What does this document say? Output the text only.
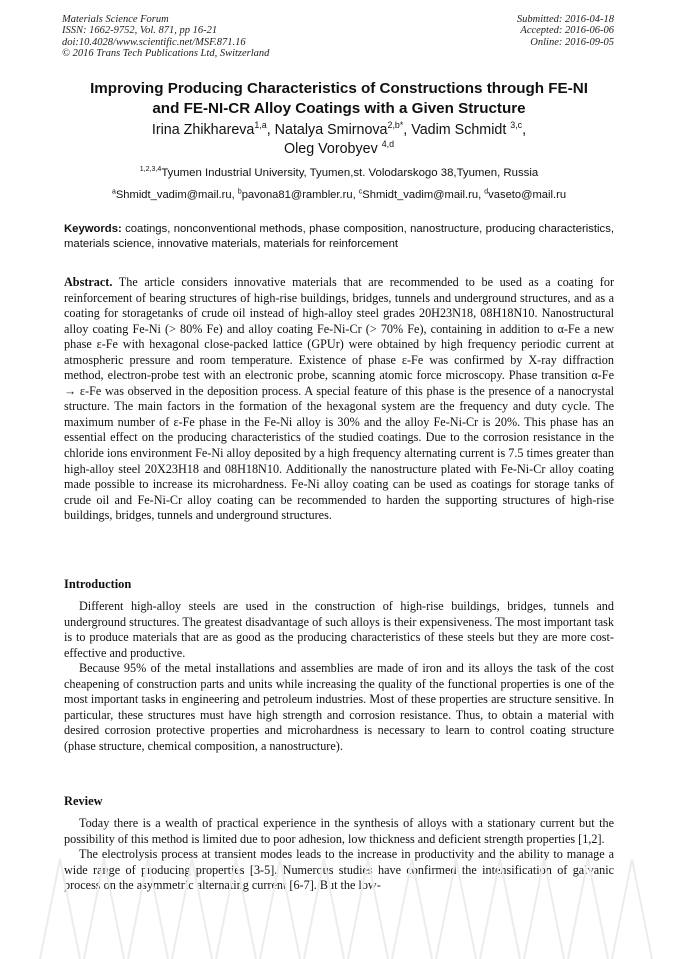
Materials Science Forum
ISSN: 1662-9752, Vol. 871, pp 16-21
doi:10.4028/www.scientific.net/MSF.871.16
© 2016 Trans Tech Publications Ltd, Switzerland
Submitted: 2016-04-18
Accepted: 2016-06-06
Online: 2016-09-05
Improving Producing Characteristics of Constructions through FE-NI
and FE-NI-CR Alloy Coatings with a Given Structure
Irina Zhikhareva$^{1,a}$, Natalya Smirnova$^{2,b*}$, Vadim Schmidt $^{3,c}$,
Oleg Vorobyev $^{4,d}$
$^{1,2,3,4}$Tyumen Industrial University, Tyumen,st. Volodarskogo 38,Tyumen, Russia
$^a$Shmidt_vadim@mail.ru, $^b$pavona81@rambler.ru, $^c$Shmidt_vadim@mail.ru, $^d$vaseto@mail.ru
Keywords: coatings, nonconventional methods, phase composition, nanostructure, producing characteristics, materials science, innovative materials, materials for reinforcement
Abstract. The article considers innovative materials that are recommended to be used as a coating for reinforcement of bearing structures of high-rise buildings, bridges, tunnels and underground structures, and as a coating for storagetanks of crude oil instead of high-alloy steel grades 20H23N18, 08H18N10. Nanostructural alloy coating Fe-Ni (> 80% Fe) and alloy coating Fe-Ni-Cr (> 70% Fe), containing in addition to α-Fe a new phase ε-Fe with hexagonal close-packed lattice (GPUr) were obtained by high frequency periodic current at atmospheric pressure and room temperature. Existence of phase ε-Fe was confirmed by X-ray diffraction method, electron-probe test with an electronic probe, scanning atomic force microscopy. Phase transition α-Fe → ε-Fe was observed in the deposition process. A special feature of this phase is the presence of a nanocrystal structure. The main factors in the formation of the hexagonal system are the frequency and duty cycle. The maximum number of ε-Fe phase in the Fe-Ni alloy is 30% and the alloy Fe-Ni-Cr is 20%. This phase has an essential effect on the producing characteristics of the studied coatings. Due to the corrosion resistance in the chloride ions environment Fe-Ni alloy deposited by a high frequency alternating current is 7.5 times greater than high-alloy steel 20X23H18 and 08H18N10. Additionally the nanostructure plated with Fe-Ni-Cr alloy coating made possible to increase its microhardness. Fe-Ni alloy coating can be used as coatings for storage tanks of crude oil and Fe-Ni-Cr alloy coating can be recommended to harden the supporting structures of high-rise buildings, bridges, tunnels and underground structures.
Introduction

Different high-alloy steels are used in the construction of high-rise buildings, bridges, tunnels and underground structures. The greatest disadvantage of such alloys is their expensiveness. The most important task is to produce materials that are as good as the producing characteristics of these steels but they are more cost-effective and productive.

Because 95% of the metal installations and assemblies are made of iron and its alloys the task of the cost cheapening of construction parts and units while increasing the quality of the functional properties is one of the most important tasks in engineering and petroleum industries. Most of these properties are structure sensitive. In particular, these structures must have high strength and corrosion resistance. Thus, to obtain a material with desired corrosion protective properties and microhardness is necessary to learn to control coating structure (phase structure, chemical composition, a nanostructure).

Review

Today there is a wealth of practical experience in the synthesis of alloys with a stationary current but the possibility of this method is limited due to poor adhesion, low thickness and deficient strength properties [1,2].

The electrolysis process at transient modes leads to the increase in productivity and the ability to manage a wide range of producing properties [3-5]. Numerous studies have confirmed the intensification of galvanic process on the asymmetric alternating current [6-7]. But the low-
